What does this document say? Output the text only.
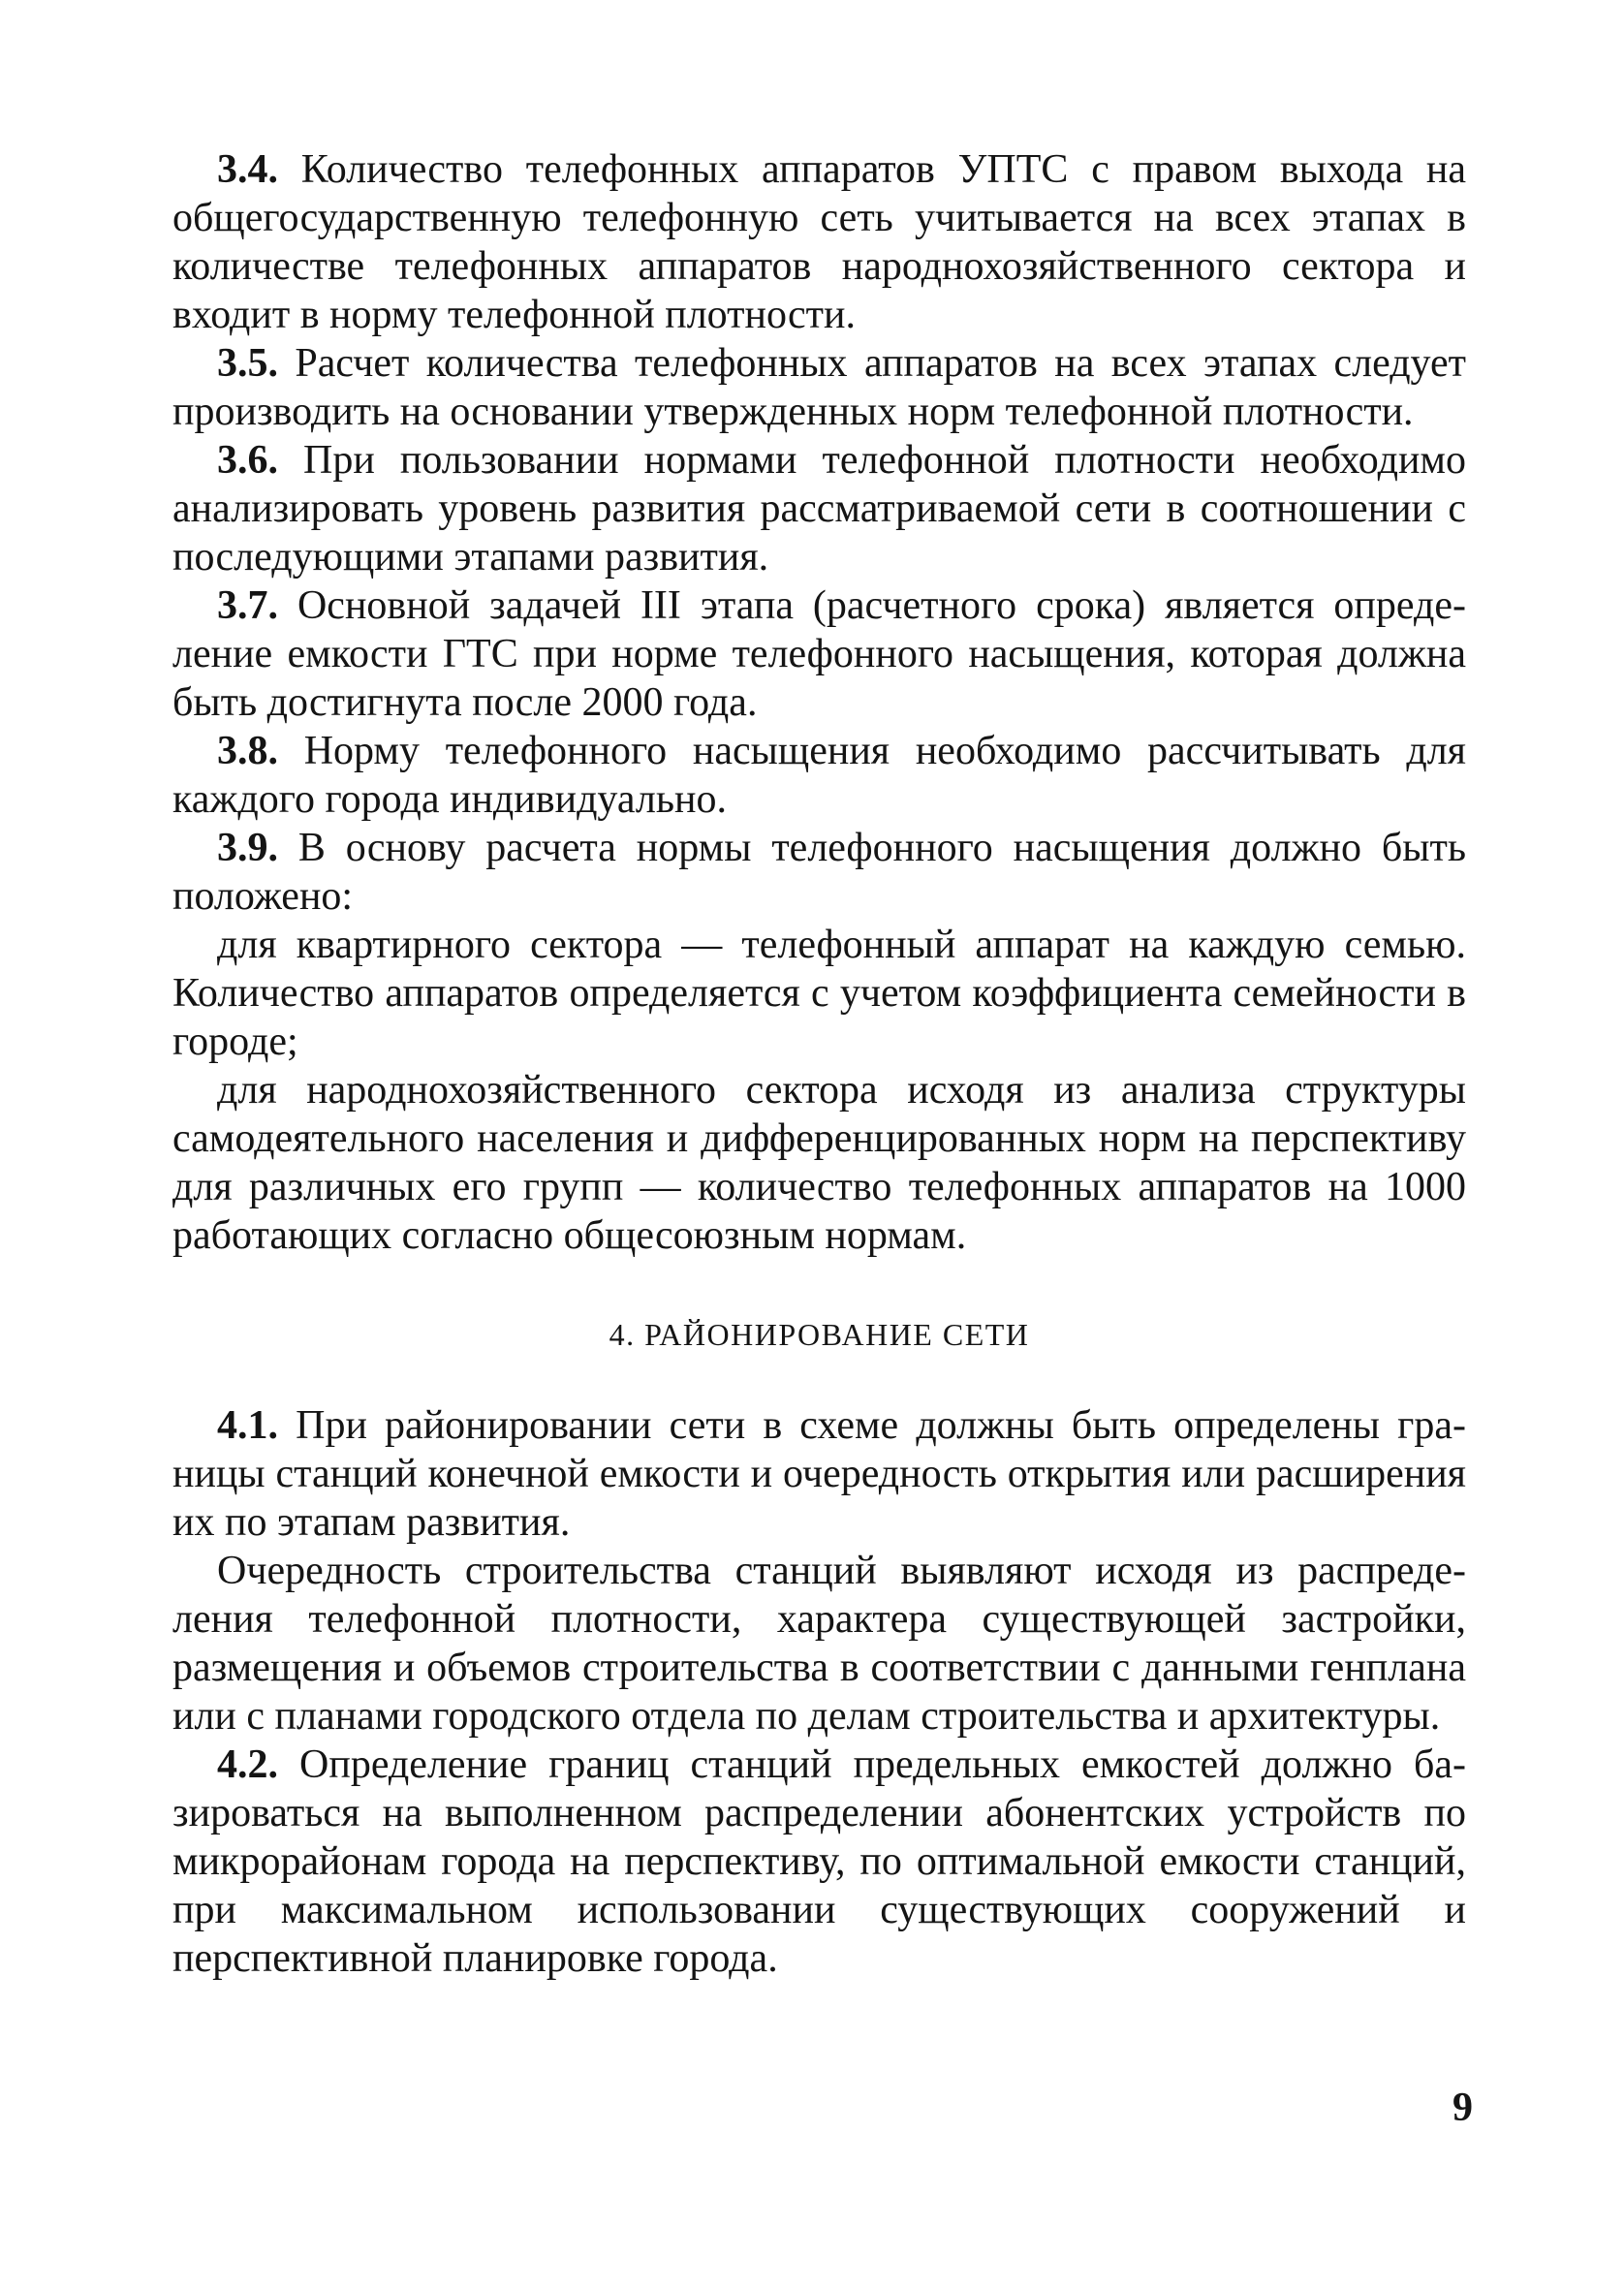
3.4. Количество телефонных аппаратов УПТС с правом выхода на общегосударственную телефонную сеть учитывается на всех этапах в количестве телефонных аппаратов народнохозяйственного сектора и входит в норму телефонной плотности.

3.5. Расчет количества телефонных аппаратов на всех этапах следует производить на основании утвержденных норм телефонной плотности.

3.6. При пользовании нормами телефонной плотности необходимо анализировать уровень развития рассматриваемой сети в соотношении с последующими этапами развития.

3.7. Основной задачей III этапа (расчетного срока) является определение емкости ГТС при норме телефонного насыщения, которая должна быть достигнута после 2000 года.

3.8. Норму телефонного насыщения необходимо рассчитывать для каждого города индивидуально.

3.9. В основу расчета нормы телефонного насыщения должно быть положено:

для квартирного сектора — телефонный аппарат на каждую семью. Количество аппаратов определяется с учетом коэффициента семейности в городе;

для народнохозяйственного сектора исходя из анализа структуры самодеятельного населения и дифференцированных норм на перспективу для различных его групп — количество телефонных аппаратов на 1000 работающих согласно общесоюзным нормам.

4. РАЙОНИРОВАНИЕ СЕТИ

4.1. При районировании сети в схеме должны быть определены границы станций конечной емкости и очередность открытия или расширения их по этапам развития.

Очередность строительства станций выявляют исходя из распределения телефонной плотности, характера существующей застройки, размещения и объемов строительства в соответствии с данными генплана или с планами городского отдела по делам строительства и архитектуры.

4.2. Определение границ станций предельных емкостей должно базироваться на выполненном распределении абонентских устройств по микрорайонам города на перспективу, по оптимальной емкости станций, при максимальном использовании существующих сооружений и перспективной планировке города.

9
